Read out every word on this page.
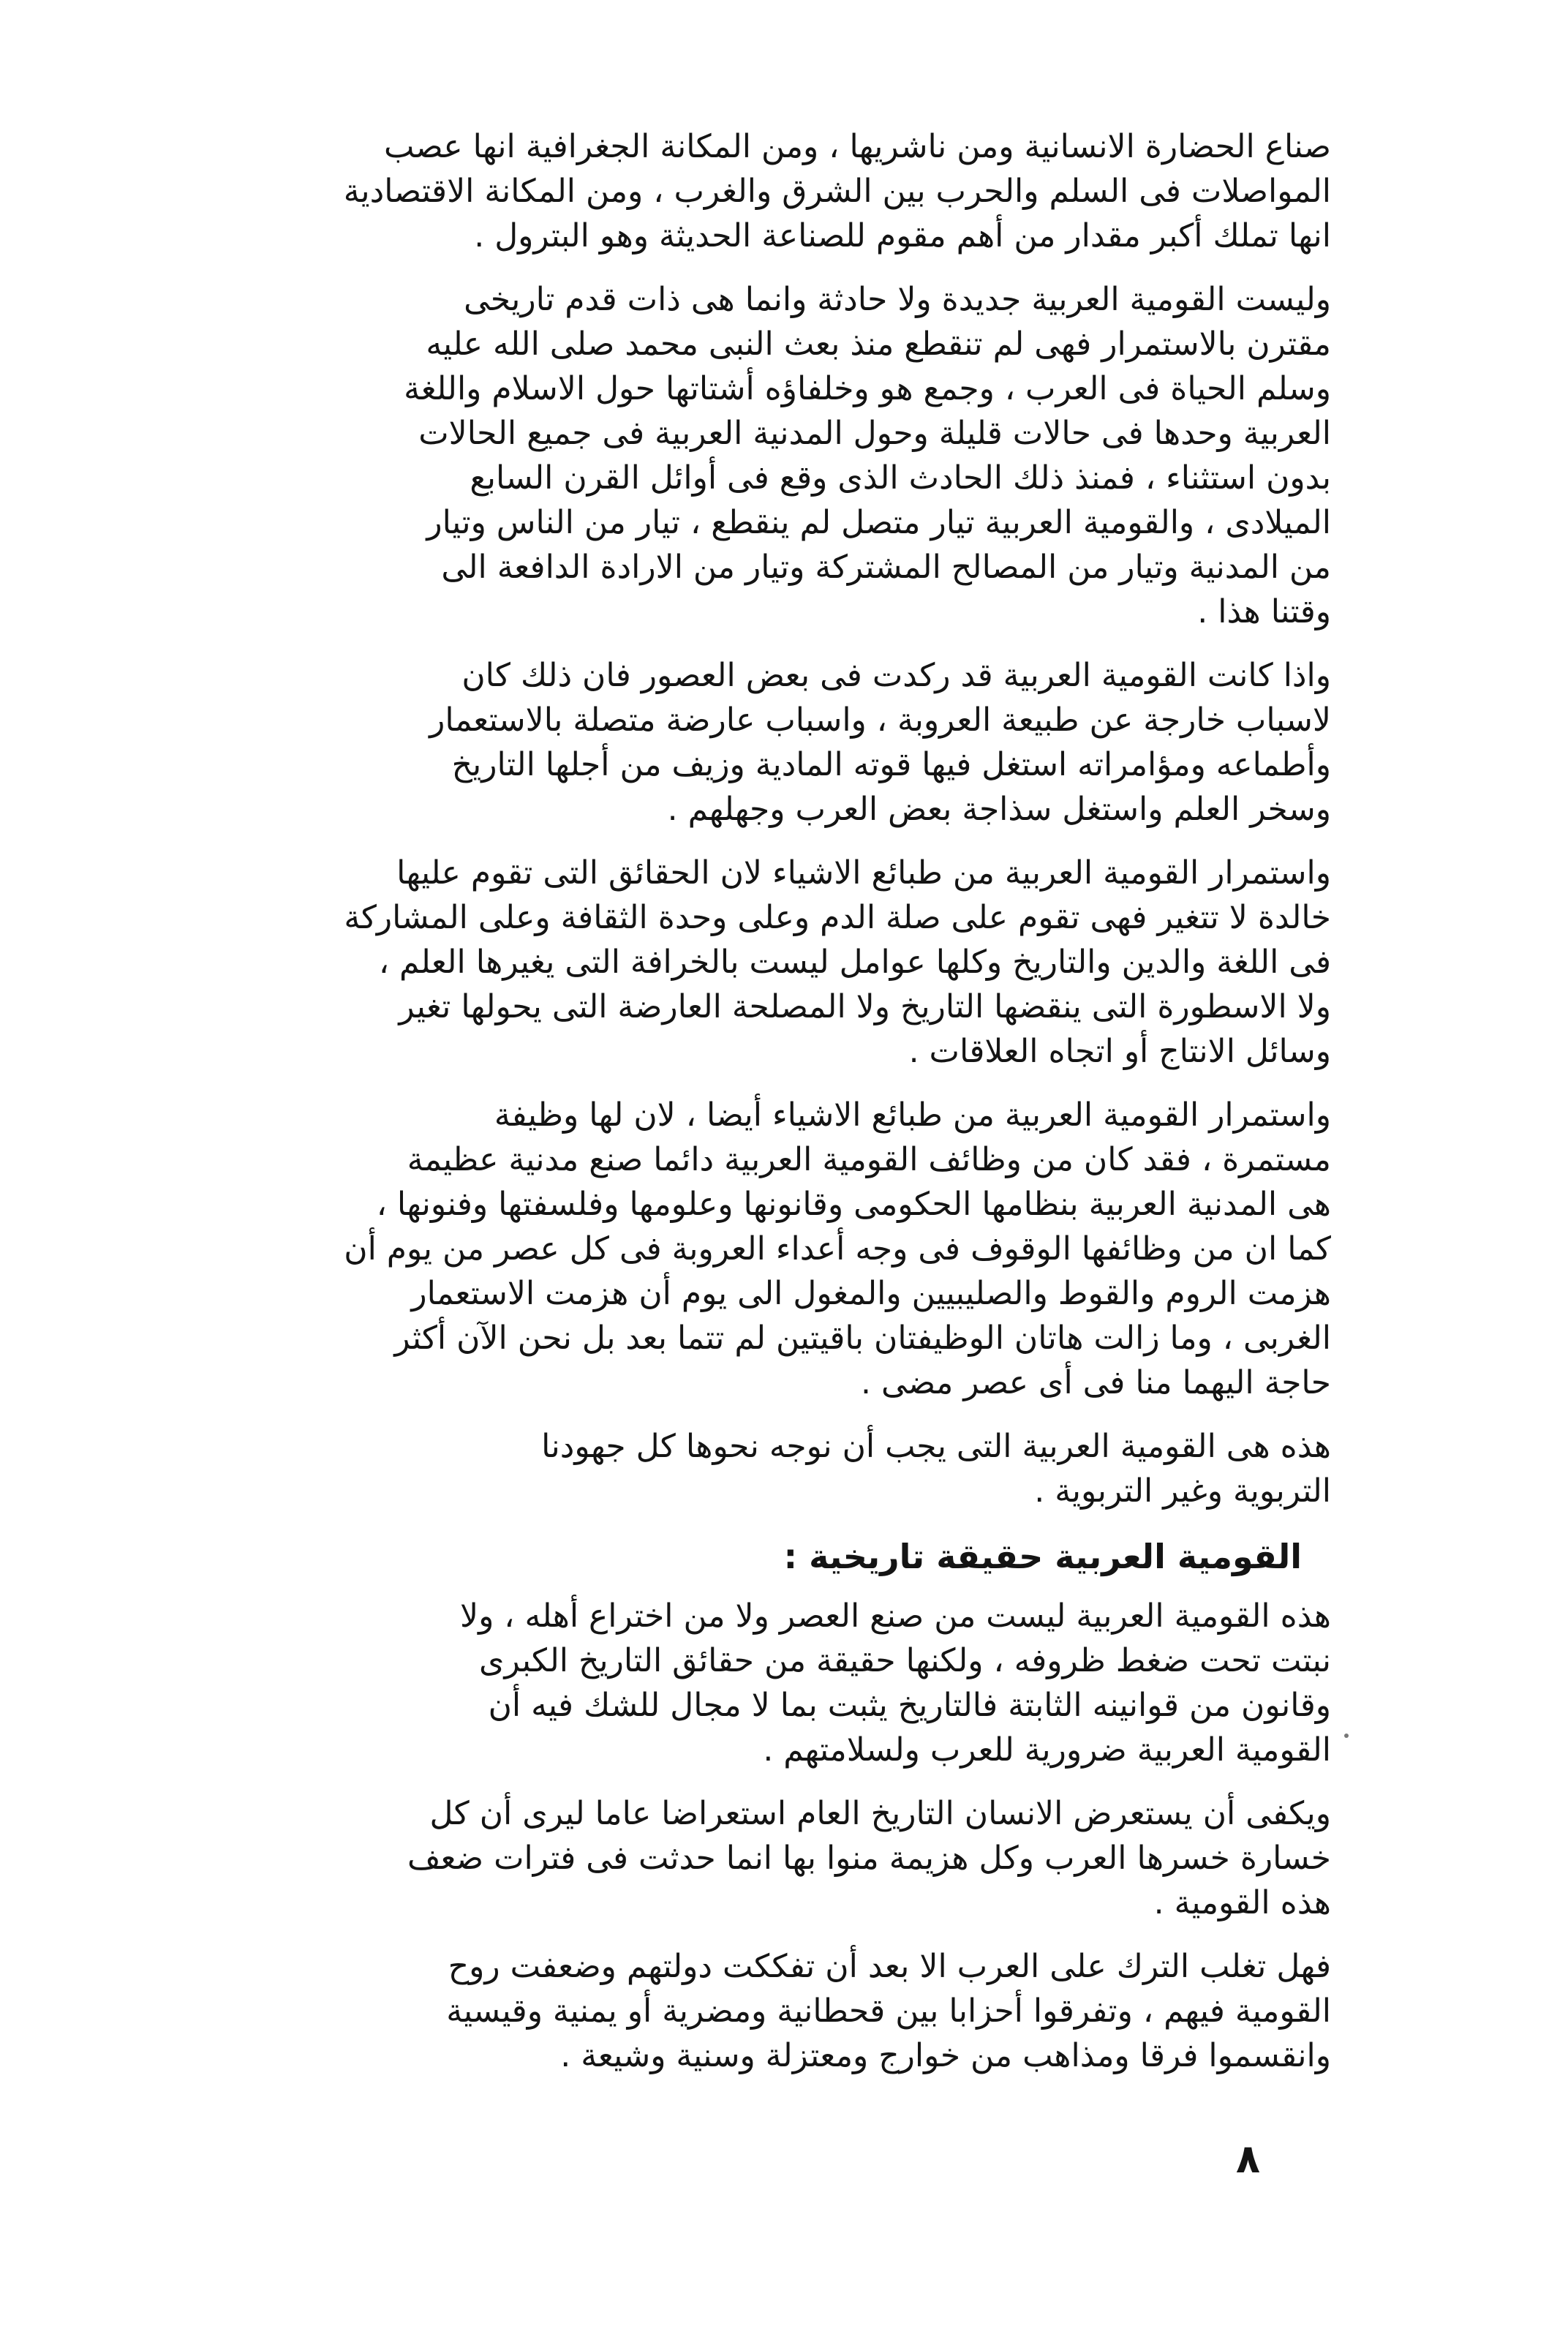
صناع الحضارة الانسانية ومن ناشريها ، ومن المكانة الجغرافية انها عصب
المواصلات فى السلم والحرب بين الشرق والغرب ، ومن المكانة الاقتصادية
انها تملك أكبر مقدار من أهم مقوم للصناعة الحديثة وهو البترول .

وليست القومية العربية جديدة ولا حادثة وانما هى ذات قدم تاريخى
مقترن بالاستمرار فهى لم تنقطع منذ بعث النبى محمد صلى الله عليه
وسلم الحياة فى العرب ، وجمع هو وخلفاؤه أشتاتها حول الاسلام واللغة
العربية وحدها فى حالات قليلة وحول المدنية العربية فى جميع الحالات
بدون استثناء ، فمنذ ذلك الحادث الذى وقع فى أوائل القرن السابع
الميلادى ، والقومية العربية تيار متصل لم ينقطع ، تيار من الناس وتيار
من المدنية وتيار من المصالح المشتركة وتيار من الارادة الدافعة الى
وقتنا هذا .

واذا كانت القومية العربية قد ركدت فى بعض العصور فان ذلك كان
لاسباب خارجة عن طبيعة العروبة ، واسباب عارضة متصلة بالاستعمار
وأطماعه ومؤامراته استغل فيها قوته المادية وزيف من أجلها التاريخ
وسخر العلم واستغل سذاجة بعض العرب وجهلهم .

واستمرار القومية العربية من طبائع الاشياء لان الحقائق التى تقوم عليها
خالدة لا تتغير فهى تقوم على صلة الدم وعلى وحدة الثقافة وعلى المشاركة
فى اللغة والدين والتاريخ وكلها عوامل ليست بالخرافة التى يغيرها العلم ،
ولا الاسطورة التى ينقضها التاريخ ولا المصلحة العارضة التى يحولها تغير
وسائل الانتاج أو اتجاه العلاقات .

واستمرار القومية العربية من طبائع الاشياء أيضا ، لان لها وظيفة
مستمرة ، فقد كان من وظائف القومية العربية دائما صنع مدنية عظيمة
هى المدنية العربية بنظامها الحكومى وقانونها وعلومها وفلسفتها وفنونها ،
كما ان من وظائفها الوقوف فى وجه أعداء العروبة فى كل عصر من يوم أن
هزمت الروم والقوط والصليبيين والمغول الى يوم أن هزمت الاستعمار
الغربى ، وما زالت هاتان الوظيفتان باقيتين لم تتما بعد بل نحن الآن أكثر
حاجة اليهما منا فى أى عصر مضى .

هذه هى القومية العربية التى يجب أن نوجه نحوها كل جهودنا
التربوية وغير التربوية .

القومية العربية حقيقة تاريخية :

هذه القومية العربية ليست من صنع العصر ولا من اختراع أهله ، ولا
نبتت تحت ضغط ظروفه ، ولكنها حقيقة من حقائق التاريخ الكبرى
وقانون من قوانينه الثابتة فالتاريخ يثبت بما لا مجال للشك فيه أن
القومية العربية ضرورية للعرب ولسلامتهم .

ويكفى أن يستعرض الانسان التاريخ العام استعراضا عاما ليرى أن كل
خسارة خسرها العرب وكل هزيمة منوا بها انما حدثت فى فترات ضعف
هذه القومية .

فهل تغلب الترك على العرب الا بعد أن تفككت دولتهم وضعفت روح
القومية فيهم ، وتفرقوا أحزابا بين قحطانية ومضرية أو يمنية وقيسية
وانقسموا فرقا ومذاهب من خوارج ومعتزلة وسنية وشيعة .

٨
